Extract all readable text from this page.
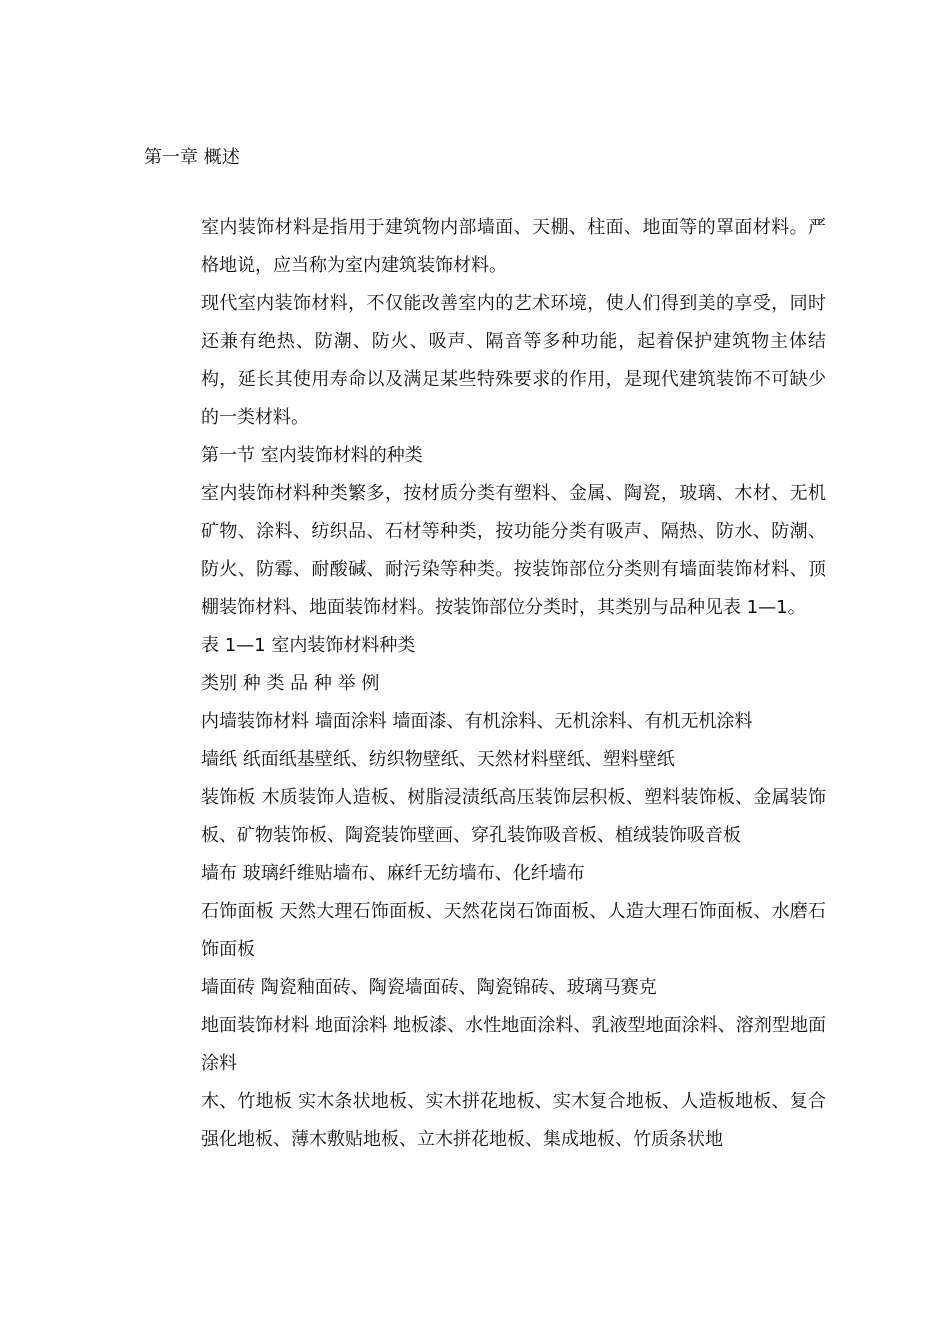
第一章 概述

室内装饰材料是指用于建筑物内部墙面、天棚、柱面、地面等的罩面材料。严格地说，应当称为室内建筑装饰材料。

现代室内装饰材料，不仅能改善室内的艺术环境，使人们得到美的享受，同时还兼有绝热、防潮、防火、吸声、隔音等多种功能，起着保护建筑物主体结构，延长其使用寿命以及满足某些特殊要求的作用，是现代建筑装饰不可缺少的一类材料。

第一节 室内装饰材料的种类

室内装饰材料种类繁多，按材质分类有塑料、金属、陶瓷，玻璃、木材、无机矿物、涂料、纺织品、石材等种类，按功能分类有吸声、隔热、防水、防潮、防火、防霉、耐酸碱、耐污染等种类。按装饰部位分类则有墙面装饰材料、顶棚装饰材料、地面装饰材料。按装饰部位分类时，其类别与品种见表 1—1。

表 1—1 室内装饰材料种类

类别 种 类 品 种 举 例

内墙装饰材料 墙面涂料 墙面漆、有机涂料、无机涂料、有机无机涂料

墙纸 纸面纸基壁纸、纺织物壁纸、天然材料壁纸、塑料壁纸

装饰板 木质装饰人造板、树脂浸渍纸高压装饰层积板、塑料装饰板、金属装饰板、矿物装饰板、陶瓷装饰壁画、穿孔装饰吸音板、植绒装饰吸音板

墙布 玻璃纤维贴墙布、麻纤无纺墙布、化纤墙布

石饰面板 天然大理石饰面板、天然花岗石饰面板、人造大理石饰面板、水磨石饰面板

墙面砖 陶瓷釉面砖、陶瓷墙面砖、陶瓷锦砖、玻璃马赛克

地面装饰材料 地面涂料 地板漆、水性地面涂料、乳液型地面涂料、溶剂型地面涂料

木、竹地板 实木条状地板、实木拼花地板、实木复合地板、人造板地板、复合强化地板、薄木敷贴地板、立木拼花地板、集成地板、竹质条状地
